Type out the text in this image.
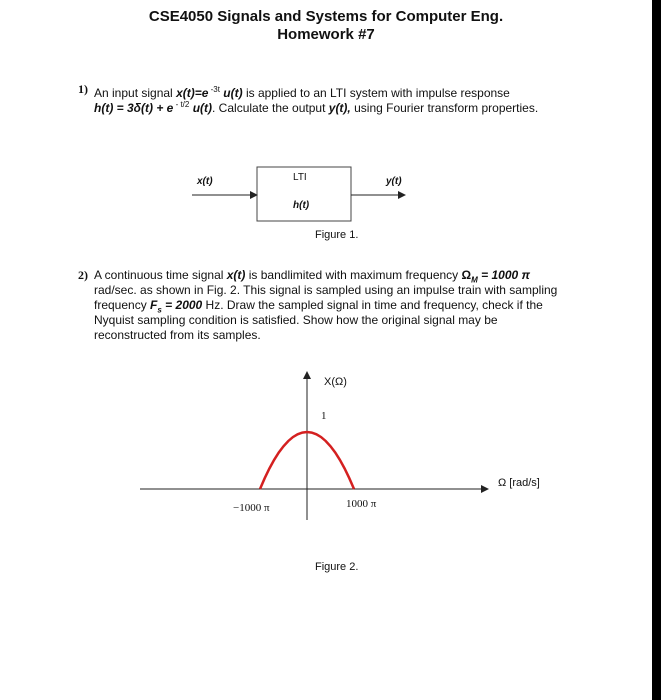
CSE4050 Signals and Systems for Computer Eng.
Homework #7
1) An input signal x(t)=e $^{-3t}$ u(t) is applied to an LTI system with impulse response

h(t) = 3δ(t) + e $^{- t/2}$ u(t). Calculate the output y(t), using Fourier transform properties.

x(t)	LTI
h(t)
y(t)
Figure 1.
2) A continuous time signal x(t) is bandlimited with maximum frequency $\Omega_M = 1000$ π

rad/sec. as shown in Fig. 2. This signal is sampled using an impulse train with sampling

frequency $F_s = 2000$ Hz. Draw the sampled signal in time and frequency, check if the

Nyquist sampling condition is satisfied. Show how the original signal may be

reconstructed from its samples.

X(Ω)
1
Ω [rad/s]
−1000 π	1000 π
Figure 2.
